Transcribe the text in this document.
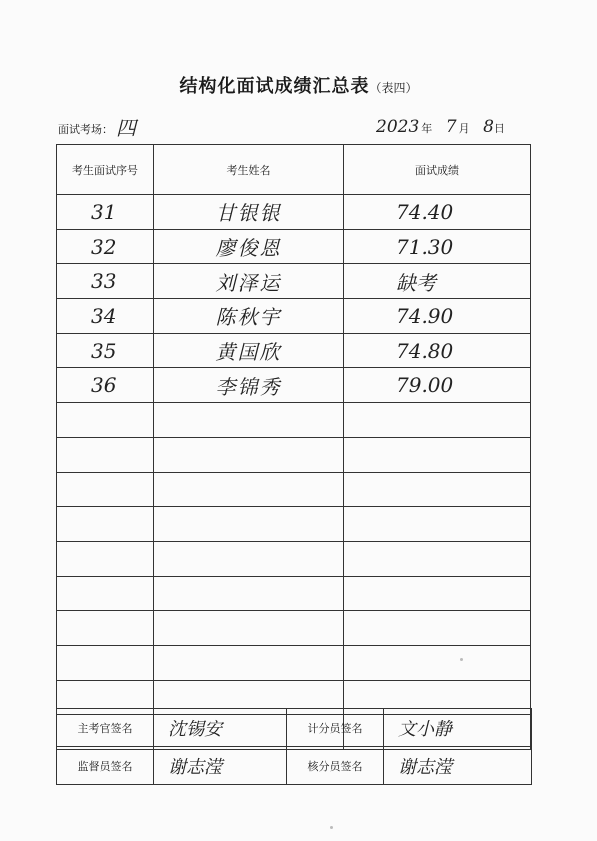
结构化面试成绩汇总表（表四）
面试考场： 四	2023 年 7 月 8日
考生面试序号	考生姓名	面试成绩

31	甘银银	74.40

32	廖俊恩	71.30

33	刘泽运	缺考

34	陈秋宇	74.90

35	黄国欣	74.80

36	李锦秀	79.00

主考官签名	沈锡安	计分员签名	文小静

监督员签名	谢志滢	核分员签名	谢志滢
